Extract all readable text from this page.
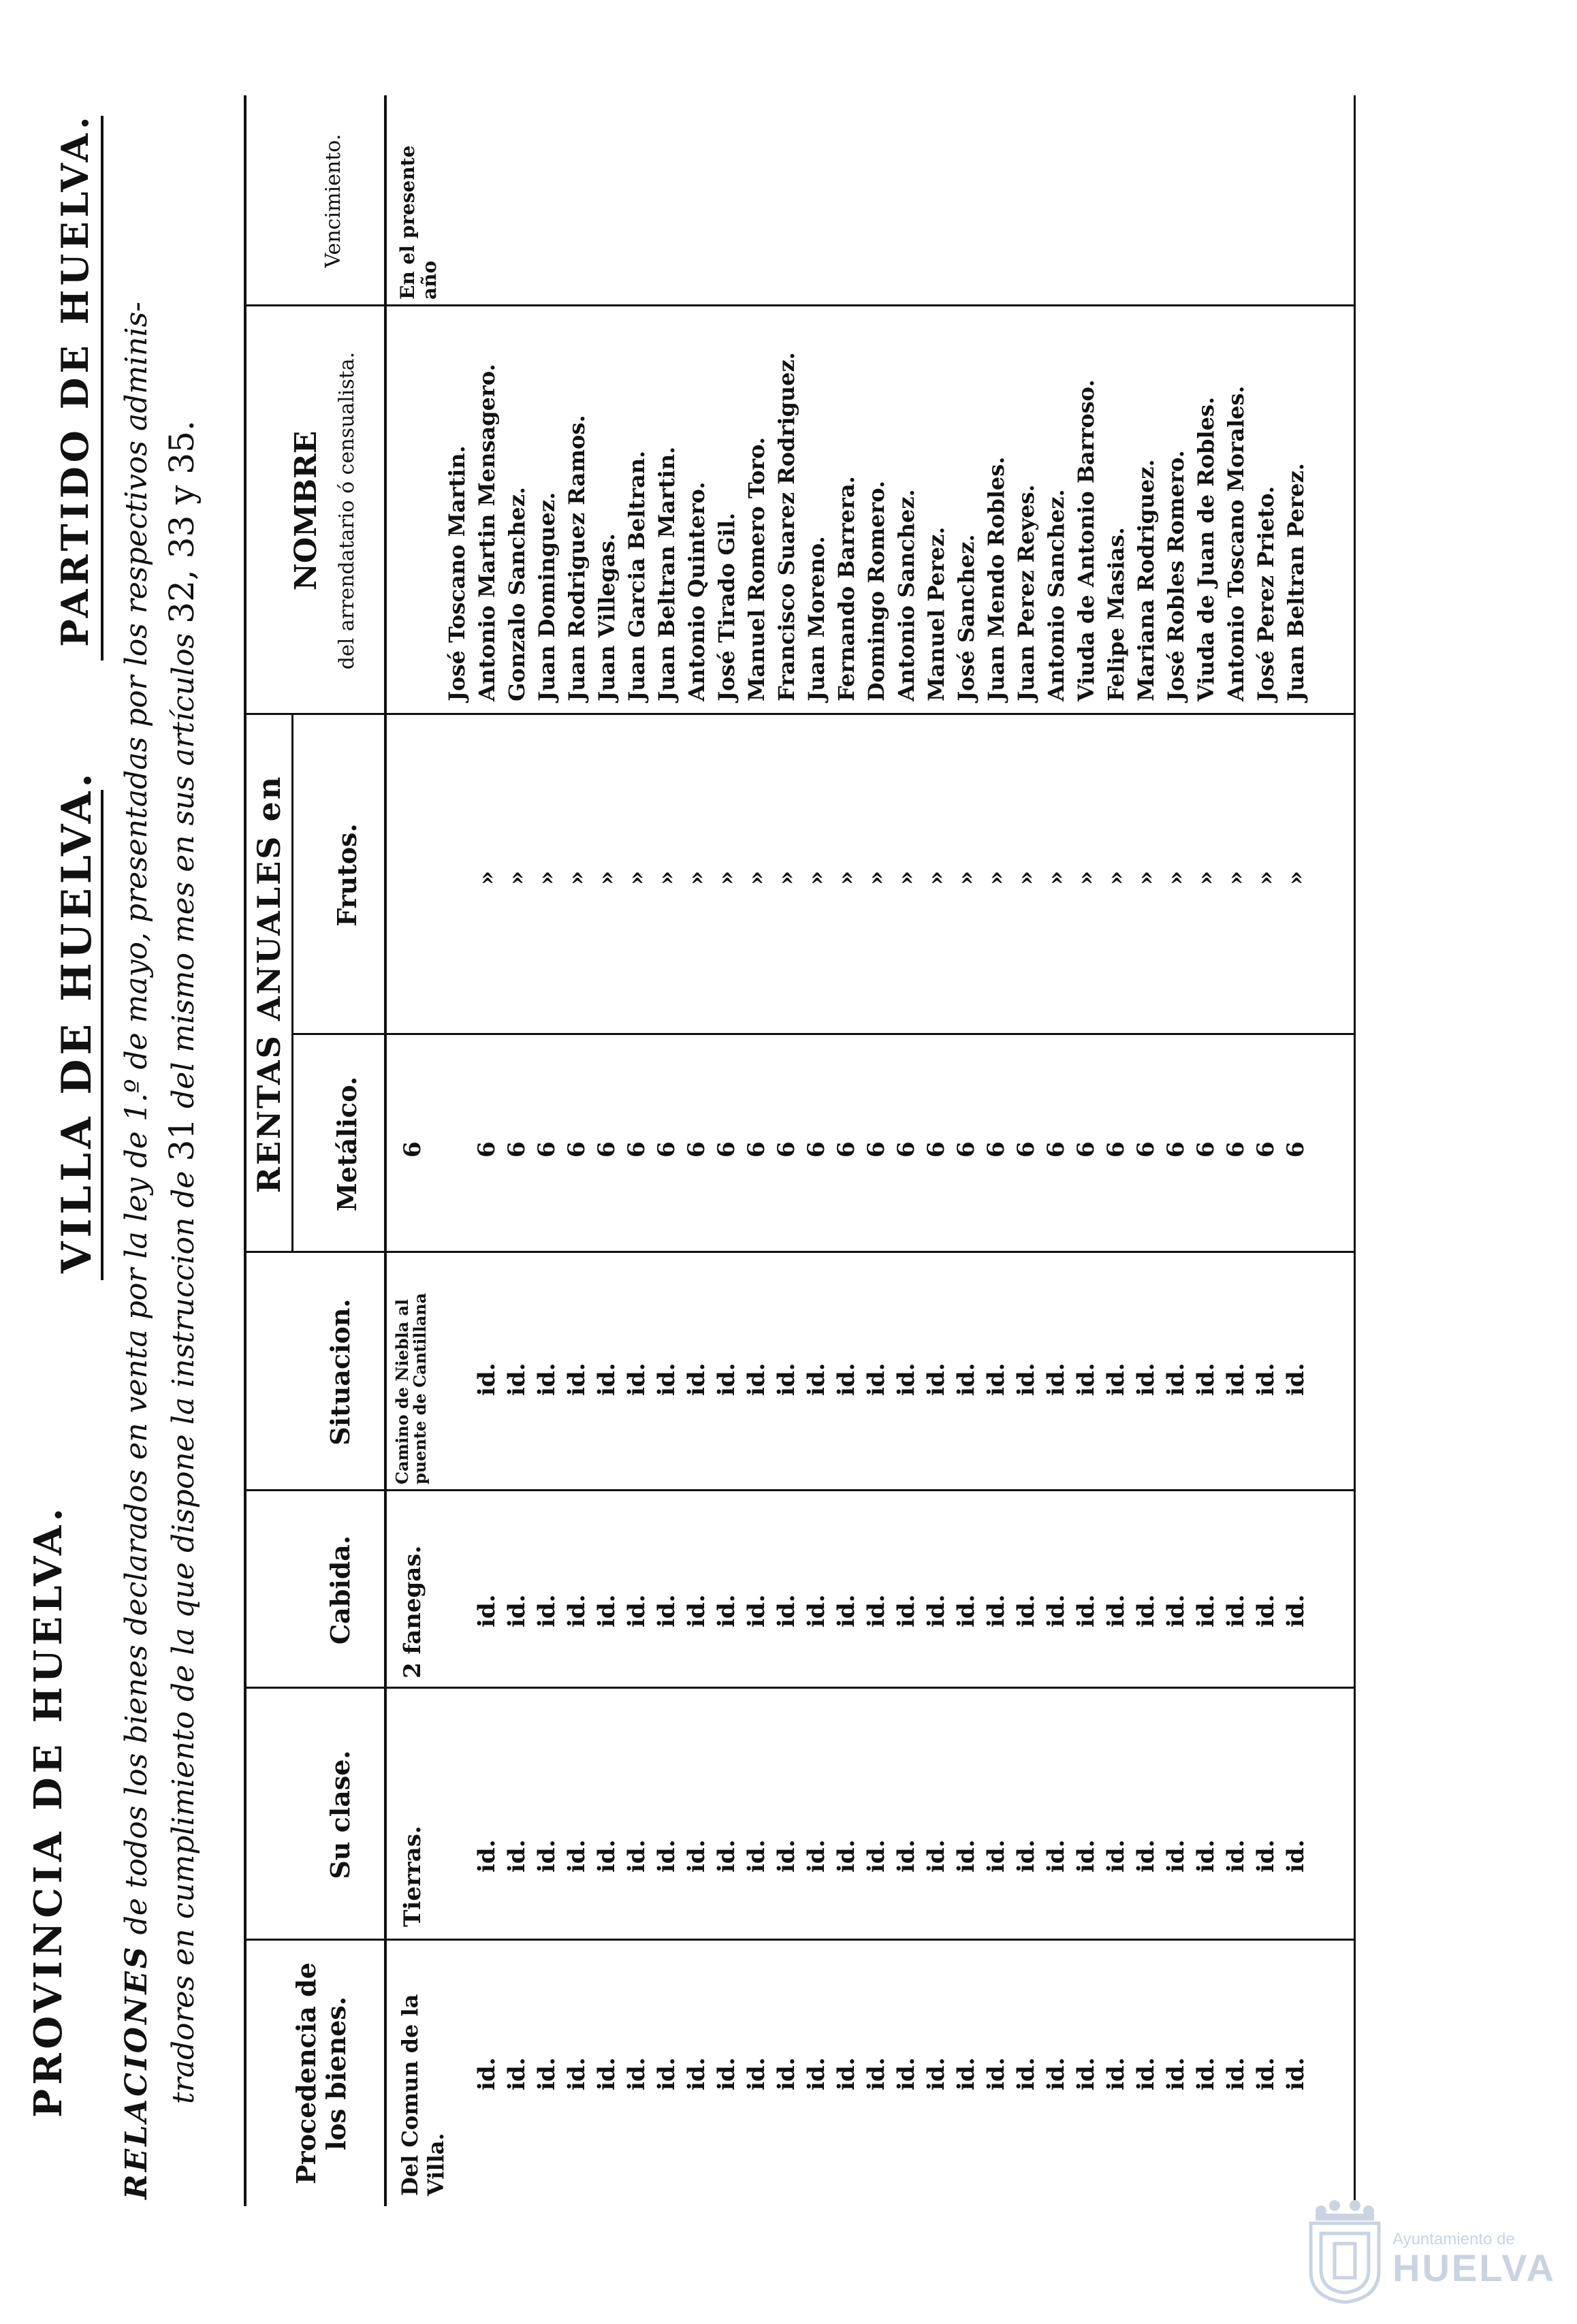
PROVINCIA DE HUELVA.
VILLA DE HUELVA.
PARTIDO DE HUELVA.
RELACIONES de todos los bienes declarados en venta por la ley de 1.º de mayo, presentadas por los respectivos adminis- tradores en cumplimiento de la que dispone la instruccion de 31 del mismo mes en sus artículos 32, 33 y 35.
Procedencia de los bienes.
Su clase.
Cabida.
Situacion.
RENTAS ANUALES en Metálico.
Frutos.
NOMBRE del arrendatario ó censualista.
Vencimiento.
Del Comun de la Villa.
Tierras.
2 fanegas.
Camino de Niebla al puente de Cantillana
6
En el presente año
José Toscano Martin.
id.
id.
id.
id.
6
»
Antonio Martin Mensagero.
id.
id.
id.
id.
6
»
Gonzalo Sanchez.
id.
id.
id.
id.
6
»
Juan Dominguez.
id.
id.
id.
id.
6
»
Juan Rodriguez Ramos.
id.
id.
id.
id.
6
»
Juan Villegas.
id.
id.
id.
id.
6
»
Juan Garcia Beltran.
id.
id.
id.
id.
6
»
Juan Beltran Martin.
id.
id.
id.
id.
6
»
Antonio Quintero.
id.
id.
id.
id.
6
»
José Tirado Gil.
id.
id.
id.
id.
6
»
Manuel Romero Toro.
id.
id.
id.
id.
6
»
Francisco Suarez Rodriguez.
id.
id.
id.
id.
6
»
Juan Moreno.
id.
id.
id.
id.
6
»
Fernando Barrera.
id.
id.
id.
id.
6
»
Domingo Romero.
id.
id.
id.
id.
6
»
Antonio Sanchez.
id.
id.
id.
id.
6
»
Manuel Perez.
id.
id.
id.
id.
6
»
José Sanchez.
id.
id.
id.
id.
6
»
Juan Mendo Robles.
id.
id.
id.
id.
6
»
Juan Perez Reyes.
id.
id.
id.
id.
6
»
Antonio Sanchez.
id.
id.
id.
id.
6
»
Viuda de Antonio Barroso.
id.
id.
id.
id.
6
»
Felipe Masias.
id.
id.
id.
id.
6
»
Mariana Rodriguez.
id.
id.
id.
id.
6
»
José Robles Romero.
id.
id.
id.
id.
6
»
Viuda de Juan de Robles.
id.
id.
id.
id.
6
»
Antonio Toscano Morales.
id.
id.
id.
id.
6
»
José Perez Prieto.
id.
id.
id.
id.
6
»
Juan Beltran Perez.
Ayuntamiento de
HUELVA
